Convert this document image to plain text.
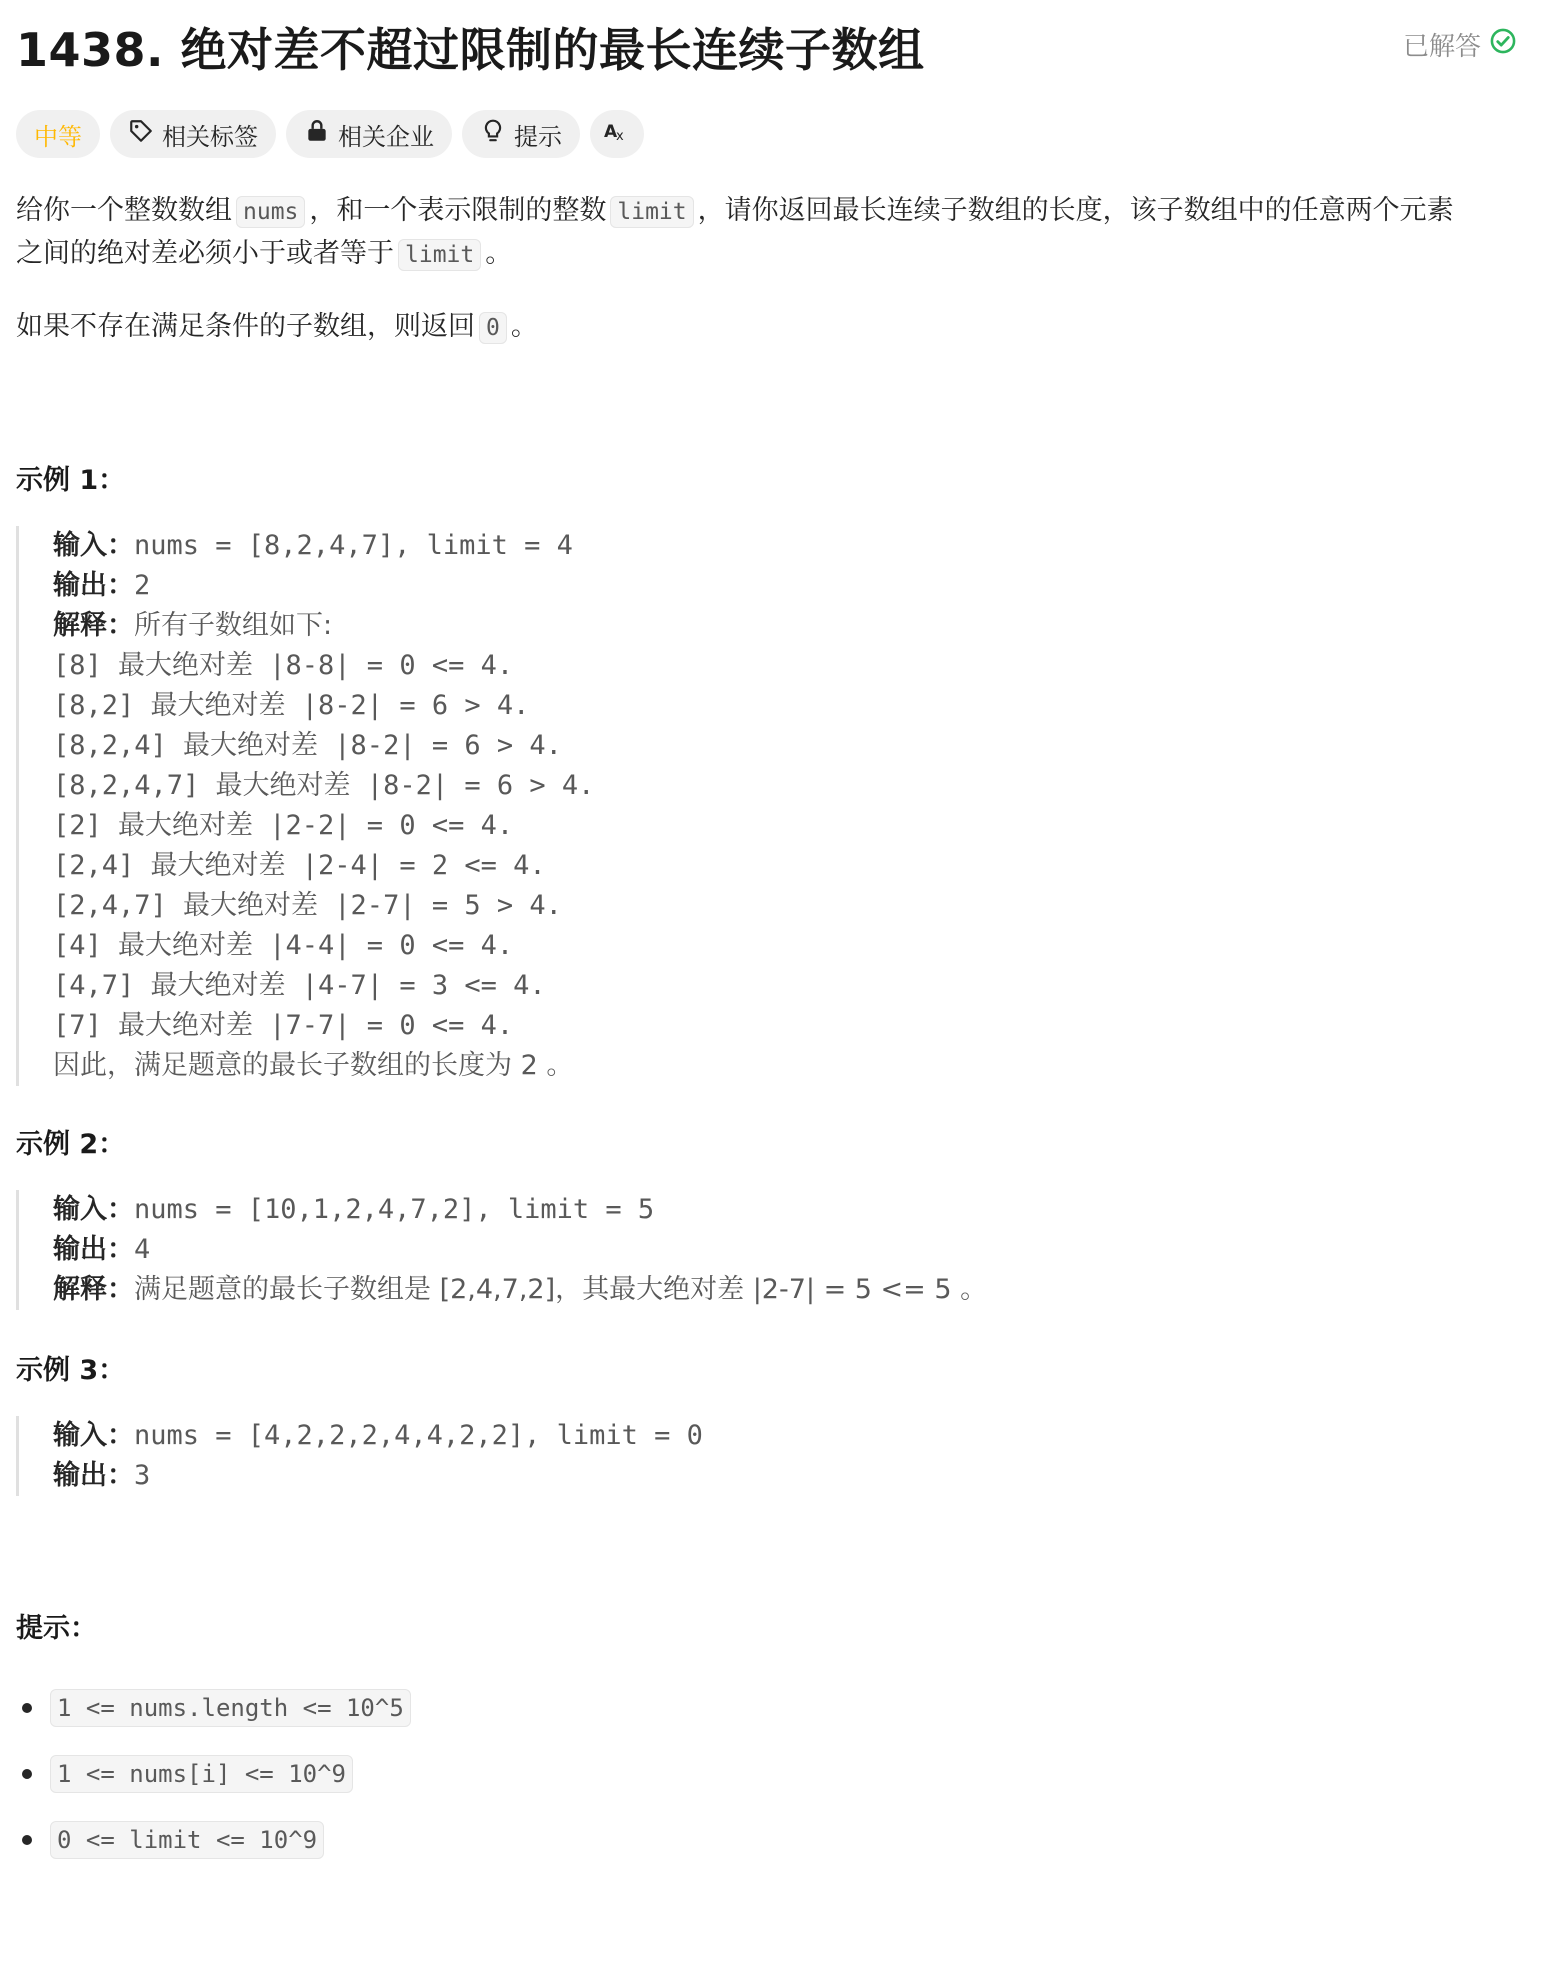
1438. 绝对差不超过限制的最长连续子数组	已解答
中等	相关标签	相关企业	提示 A
x
给你一个整数数组 nums ，和一个表示限制的整数 limit ，请你返回最长连续子数组的长度，该子数组中的任意两个元素
之间的绝对差必须小于或者等于 limit 。
如果不存在满足条件的子数组，则返回 0 。
示例 1：
输入：nums = [8,2,4,7], limit = 4
输出：2
解释：所有子数组如下:
[8] 最大绝对差 |8-8| = 0 <= 4.
[8,2] 最大绝对差 |8-2| = 6 > 4.
[8,2,4] 最大绝对差 |8-2| = 6 > 4.
[8,2,4,7] 最大绝对差 |8-2| = 6 > 4.
[2] 最大绝对差 |2-2| = 0 <= 4.
[2,4] 最大绝对差 |2-4| = 2 <= 4.
[2,4,7] 最大绝对差 |2-7| = 5 > 4.
[4] 最大绝对差 |4-4| = 0 <= 4.
[4,7] 最大绝对差 |4-7| = 3 <= 4.
[7] 最大绝对差 |7-7| = 0 <= 4.
因此，满足题意的最长子数组的长度为 2 。
示例 2：
输入：nums = [10,1,2,4,7,2], limit = 5
输出：4
解释：满足题意的最长子数组是 [2,4,7,2]，其最大绝对差 |2-7| = 5 <= 5 。
示例 3：
输入：nums = [4,2,2,2,4,4,2,2], limit = 0
输出：3
提示：
1 <= nums.length <= 10^5
1 <= nums[i] <= 10^9
0 <= limit <= 10^9
